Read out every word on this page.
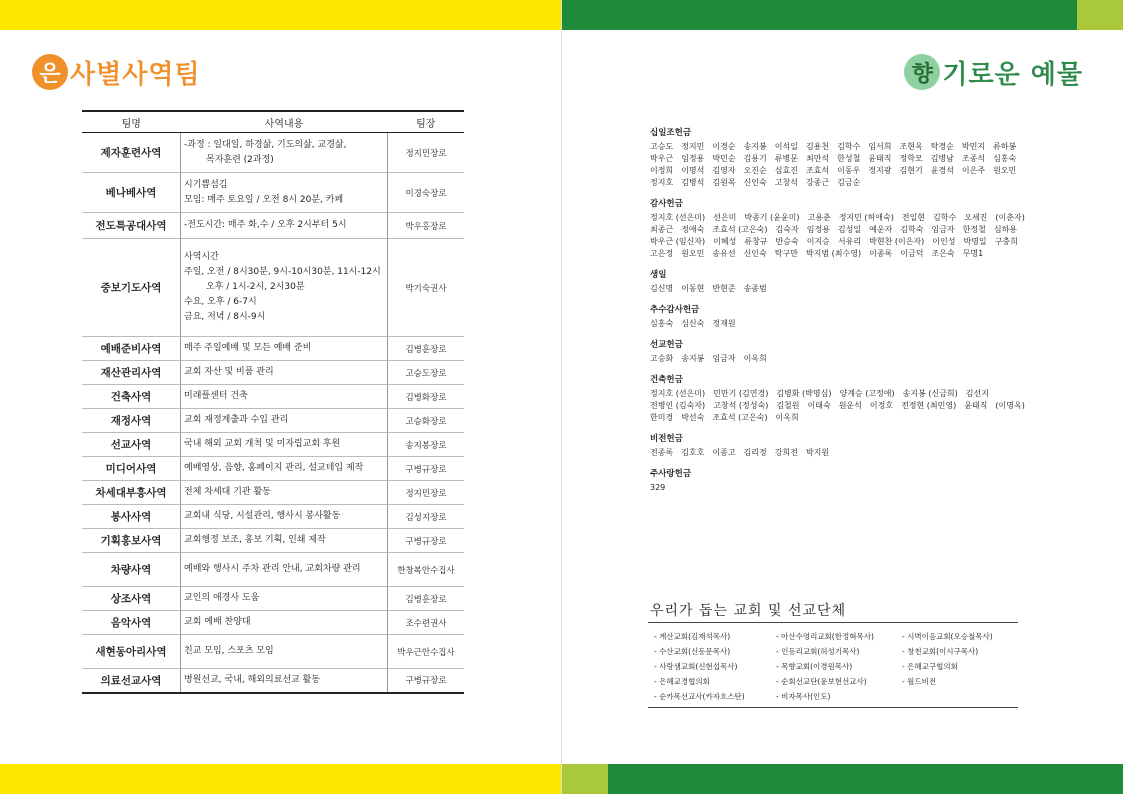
은 사별사역팀
팀명	사역내용	팀장
제자훈련사역	-과정 : 일대일, 하경삶, 기도의삶, 교경삶,
목자훈련 (2과정)	정지민장로
베나베사역	시기쁨섬김
모임: 매주 토요일 / 오전 8시 20분, 카페	이경숙장로
전도특공대사역	-전도시간: 매주 화,수 / 오후 2시부터 5시	박우홍장로
중보기도사역	사역시간
주일, 오전 / 8시30분, 9시-10시30분, 11시-12시
오후 / 1시-2시, 2시30분
수요, 오후 / 6-7시
금요, 저녁 / 8시-9시	박기숙권사
예배준비사역	매주 주일예배 및 모든 예배 준비	김병훈장로
재산관리사역	교회 자산 및 비품 관리	고승도장로
건축사역	미래플센터 건축	김병화장로
재정사역	교회 재정계출과 수입 관리	고승화장로
선교사역	국내 해외 교회 개척 및 미자립교회 후원	송지봉장로
미디어사역	예배영상, 음향, 홈페이지 관리, 설교테입 제작	구병규장로
차세대부흥사역	전체 차세대 기관 활동	정지민장로
봉사사역	교회내 식당, 시설관리, 행사시 봉사활동	김성지장로
기획홍보사역	교회행정 보조, 홍보 기획, 인쇄 제작	구병규장로
차량사역	예배와 행사시 주차 관리 안내, 교회차량 관리	한창복안수집사
상조사역	교인의 애경사 도움	김병훈장로
음악사역	교회 예배 찬양대	조수련권사
새현동아리사역	친교 모임, 스포츠 모임	박우근안수집사
의료선교사역	병원선교, 국내, 해외의료선교 활동	구병규장로
향 기로운 예물
십일조헌금
고승도 정지민 이경순 송지봉 이석일 김용천 김학수 임서희 조현옥 탁경순 박민지 류하봉
박우근 임정용 박민순 김용기 류병문 최만석 한성철 윤태직 정학모 김병남 조종석 심홍숙
이정희 이명석 김영자 오진순 심효진 조효석 이동우 정지광 김현기 윤경석 이은주 원오민
정지호 김병석 김원목 신인숙 고창석 강종근 김금순
감사헌금
정지호 (선은미) 선은미 박종기 (윤윤미) 고용춘 정지민 (허애숙) 전일현 김학수 오세진 (이춘자)
최종근 정애숙 조효석 (고은숙) 김숙자 임정용 김성일 예운자 김학숙 임금자 한정철 심하용
박우근 (임신자) 이혜성 류창규 반승숙 이지승 서유리 박현찬 (이은자) 이인성 박명일 구충희
고은정 원오민 송유선 신인숙 탁구만 박지범 (최수영) 이종록 이금덕 조은숙 무명1
생일
김신명 이동현 반현준 송종범
추수감사헌금
심홍숙 심신숙 정재원
선교헌금
고승화 송지봉 임금자 이옥희
건축헌금
정지호 (선은미) 민만기 (김연경) 김병화 (박명심) 양계승 (고정애) 송지봉 (신금희) 김선지
전병인 (김숙자) 고창석 (정성숙) 김철원 이태숙 원운석 이정호 전정현 (최민영) 윤태직 (이명옥)
한미경 박선숙 조효석 (고은숙) 이옥희
비전헌금
전종록 김호호 이종고 김리정 강희전 박지원
주사랑헌금
329
우리가 돕는 교회 및 선교단체
- 계산교회(김재석목사)
- 수산교회(신동문목사)
- 사랑샘교회(신현섭목사)
- 은혜교경협의회
- 순카목선교사(카자흐스탄)
- 아산수영리교회(한정혁목사)
- 인동리교회(허성기목사)
- 목향교회(이경원목사)
- 순회선교단(윤보현선교사)
- 비자목사(인도)
- 시벽이음교회(오승철목사)
- 창천교회(이시구목사)
- 은혜교구협의회
- 월드비전
